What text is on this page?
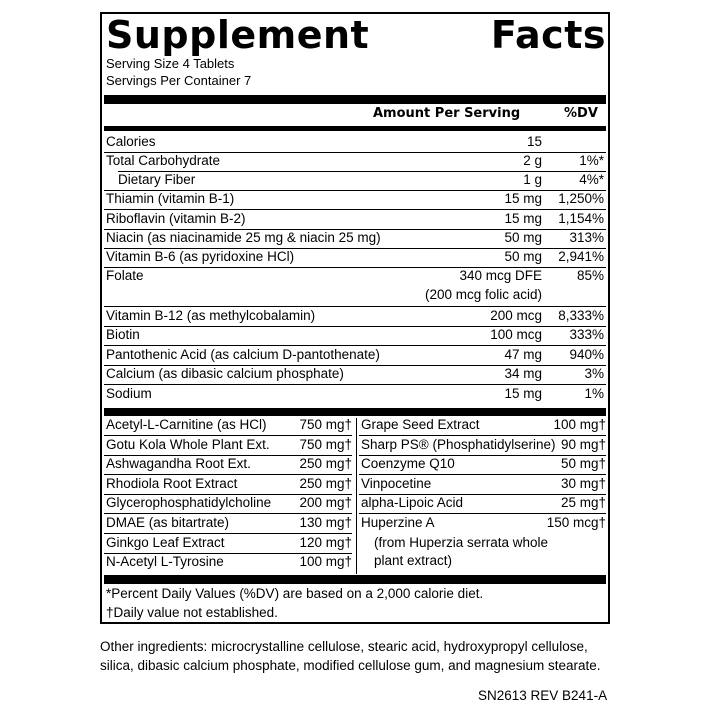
Supplement	Facts
Serving Size 4 Tablets
Servings Per Container 7
Amount Per Serving	%DV
Calories	15
Total Carbohydrate	2 g	1%*
Dietary Fiber	1 g	4%*
Thiamin (vitamin B-1)	15 mg 1,250%
Riboflavin (vitamin B-2)	15 mg 1,154%
Niacin (as niacinamide 25 mg & niacin 25 mg)	50 mg 313%
Vitamin B-6 (as pyridoxine HCl)	50 mg 2,941%
Folate	340 mcg DFE	85%
(200 mcg folic acid)
Vitamin B-12 (as methylcobalamin)	200 mcg 8,333%
Biotin	100 mcg 333%
Pantothenic Acid (as calcium D-pantothenate)	47 mg 940%
Calcium (as dibasic calcium phosphate)	34 mg	3%
Sodium	15 mg	1%
Acetyl-L-Carnitine (as HCl) 750 mg†
Gotu Kola Whole Plant Ext. 750 mg†
Ashwagandha Root Ext.	250 mg†
Rhodiola Root Extract	250 mg†
Glycerophosphatidylcholine 200 mg†
DMAE (as bitartrate)	130 mg†
Ginkgo Leaf Extract	120 mg†
N-Acetyl L-Tyrosine	100 mg†
Grape Seed Extract	100 mg†
Sharp PS® (Phosphatidylserine) 90 mg†
Coenzyme Q10	50 mg†
Vinpocetine	30 mg†
alpha-Lipoic Acid	25 mg†
Huperzine A	150 mcg†
(from Huperzia serrata whole
plant extract)
*Percent Daily Values (%DV) are based on a 2,000 calorie diet.
†Daily value not established.
Other ingredients: microcrystalline cellulose, stearic acid, hydroxypropyl cellulose, silica, dibasic calcium phosphate, modified cellulose gum, and magnesium stearate.
SN2613 REV B241-A
